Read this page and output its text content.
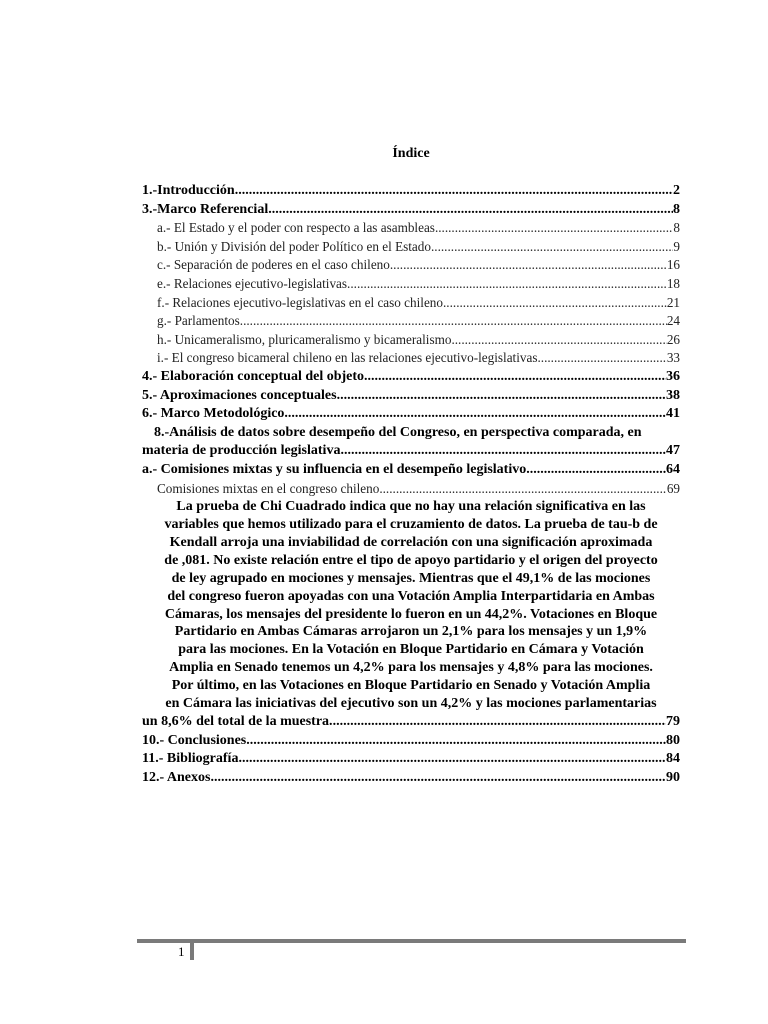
Índice
1.-Introducción .....	2
3.-Marco Referencial .....	8
a.- El Estado y el poder con respecto a las asambleas .....	8
b.- Unión y División del poder Político en el Estado .....	9
c.- Separación de poderes en el caso chileno .....	16
e.- Relaciones ejecutivo-legislativas .....	18
f.- Relaciones ejecutivo-legislativas en el caso chileno .....	21
g.- Parlamentos .....	24
h.- Unicameralismo, pluricameralismo y bicameralismo .....	26
i.- El congreso bicameral chileno en las relaciones ejecutivo-legislativas .....	33
4.- Elaboración conceptual del objeto .....	36
5.- Aproximaciones conceptuales .....	38
6.- Marco Metodológico .....	41
8.-Análisis de datos sobre desempeño del Congreso, en perspectiva comparada, en
materia de producción legislativa .....	47
a.- Comisiones mixtas y su influencia en el desempeño legislativo .....	64
Comisiones mixtas en el congreso chileno .....	69
La prueba de Chi Cuadrado indica que no hay una relación significativa en las
variables que hemos utilizado para el cruzamiento de datos. La prueba de tau-b de
Kendall arroja una inviabilidad de correlación con una significación aproximada
de ,081. No existe relación entre el tipo de apoyo partidario y el origen del proyecto
de ley agrupado en mociones y mensajes. Mientras que el 49,1% de las mociones
del congreso fueron apoyadas con una Votación Amplia Interpartidaria en Ambas
Cámaras, los mensajes del presidente lo fueron en un 44,2%. Votaciones en Bloque
Partidario en Ambas Cámaras arrojaron un 2,1% para los mensajes y un 1,9%
para las mociones. En la Votación en Bloque Partidario en Cámara y Votación
Amplia en Senado tenemos un 4,2% para los mensajes y 4,8% para las mociones.
Por último, en las Votaciones en Bloque Partidario en Senado y Votación Amplia
en Cámara las iniciativas del ejecutivo son un 4,2% y las mociones parlamentarias
un 8,6% del total de la muestra. .....	79
10.- Conclusiones .....	80
11.- Bibliografía .....	84
12.- Anexos .....	90
1
